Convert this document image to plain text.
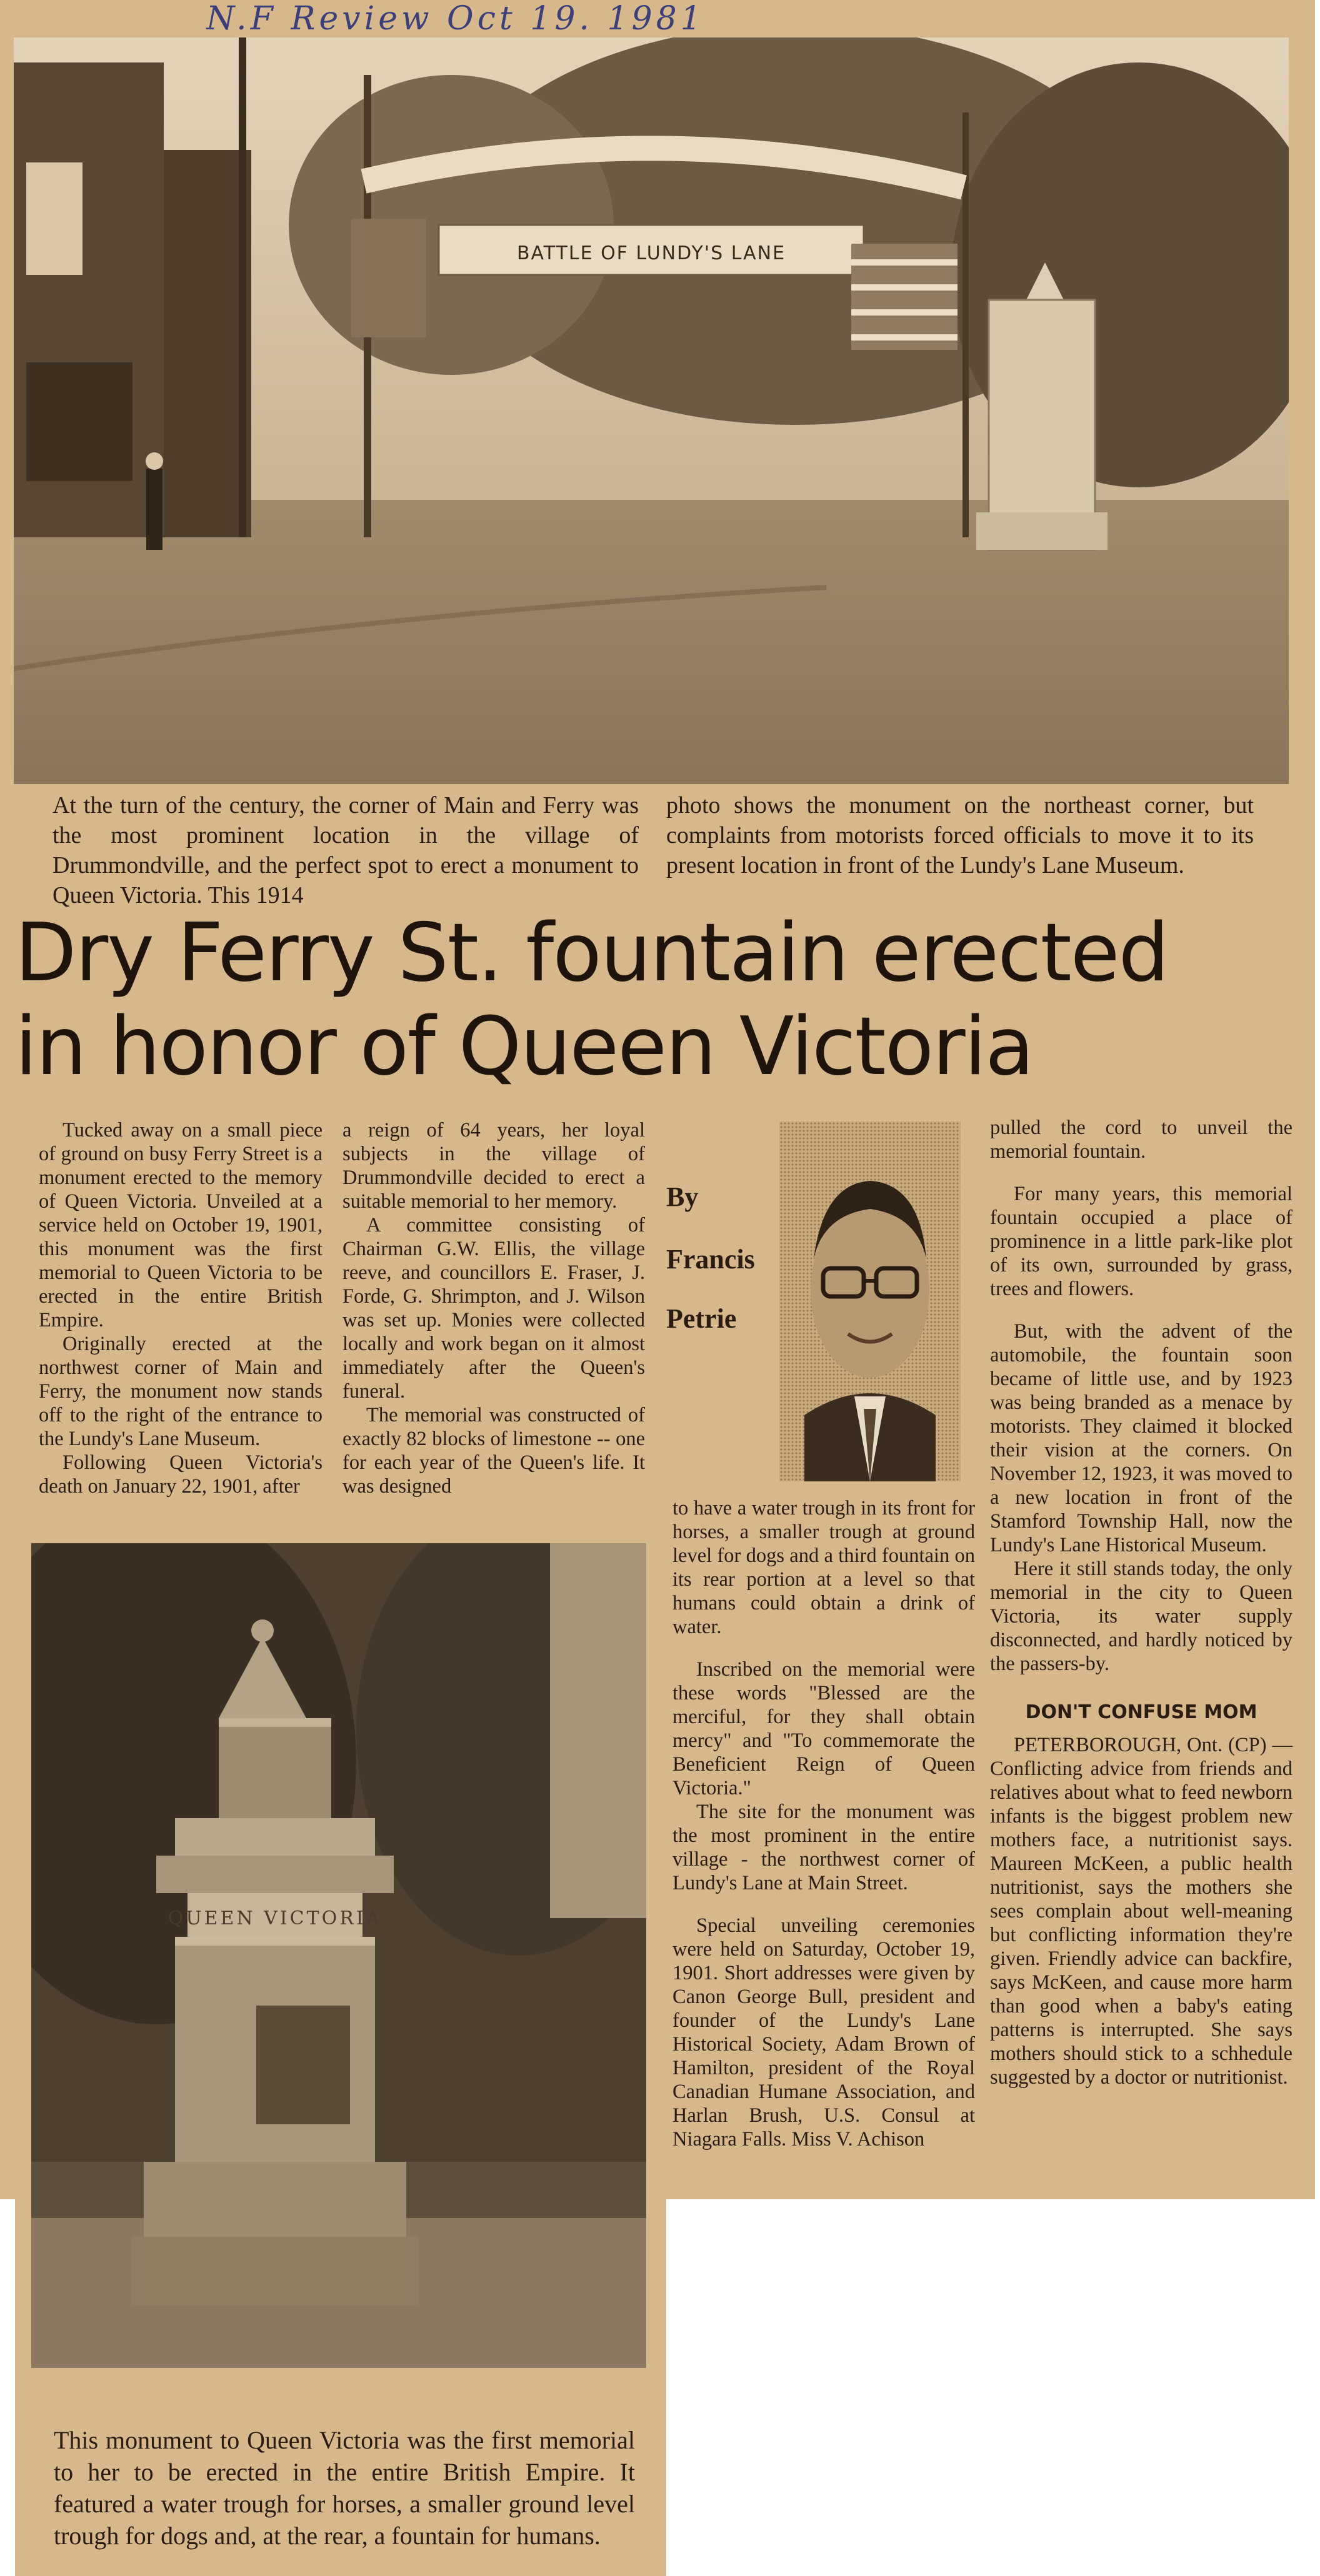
N.F Review Oct 19. 1981
BATTLE OF LUNDY'S LANE
At the turn of the century, the corner of Main and Ferry was the most prominent location in the village of Drummondville, and the perfect spot to erect a monument to Queen Victoria. This 1914
photo shows the monument on the northeast corner, but complaints from motorists forced officials to move it to its present location in front of the Lundy's Lane Museum.
Dry Ferry St. fountain erected
in honor of Queen Victoria

Tucked away on a small piece of ground on busy Ferry Street is a monument erected to the memory of Queen Victoria. Unveiled at a service held on October 19, 1901, this monument was the first memorial to Queen Victoria to be erected in the entire British Empire.

Originally erected at the northwest corner of Main and Ferry, the monument now stands off to the right of the entrance to the Lundy's Lane Museum.

Following Queen Victoria's death on January 22, 1901, after

a reign of 64 years, her loyal subjects in the village of Drummondville decided to erect a suitable memorial to her memory.

A committee consisting of Chairman G.W. Ellis, the village reeve, and councillors E. Fraser, J. Forde, G. Shrimpton, and J. Wilson was set up. Monies were collected locally and work began on it almost immediately after the Queen's funeral.

The memorial was constructed of exactly 82 blocks of limestone -- one for each year of the Queen's life. It was designed

By
Francis
Petrie

to have a water trough in its front for horses, a smaller trough at ground level for dogs and a third fountain on its rear portion at a level so that humans could obtain a drink of water.

Inscribed on the memorial were these words "Blessed are the merciful, for they shall obtain mercy" and "To commemorate the Beneficient Reign of Queen Victoria."

The site for the monument was the most prominent in the entire village - the northwest corner of Lundy's Lane at Main Street.

Special unveiling ceremonies were held on Saturday, October 19, 1901. Short addresses were given by Canon George Bull, president and founder of the Lundy's Lane Historical Society, Adam Brown of Hamilton, president of the Royal Canadian Humane Association, and Harlan Brush, U.S. Consul at Niagara Falls. Miss V. Achison

pulled the cord to unveil the memorial fountain.

For many years, this memorial fountain occupied a place of prominence in a little park-like plot of its own, surrounded by grass, trees and flowers.

But, with the advent of the automobile, the fountain soon became of little use, and by 1923 was being branded as a menace by motorists. They claimed it blocked their vision at the corners. On November 12, 1923, it was moved to a new location in front of the Stamford Township Hall, now the Lundy's Lane Historical Museum.

Here it still stands today, the only memorial in the city to Queen Victoria, its water supply disconnected, and hardly noticed by the passers-by.

DON'T CONFUSE MOM

PETERBOROUGH, Ont. (CP) — Conflicting advice from friends and relatives about what to feed newborn infants is the biggest problem new mothers face, a nutritionist says. Maureen McKeen, a public health nutritionist, says the mothers she sees complain about well-meaning but conflicting information they're given. Friendly advice can backfire, says McKeen, and cause more harm than good when a baby's eating patterns is interrupted. She says mothers should stick to a schhedule suggested by a doctor or nutritionist.

QUEEN VICTORIA
This monument to Queen Victoria was the first memorial to her to be erected in the entire British Empire. It featured a water trough for horses, a smaller ground level trough for dogs and, at the rear, a fountain for humans.
